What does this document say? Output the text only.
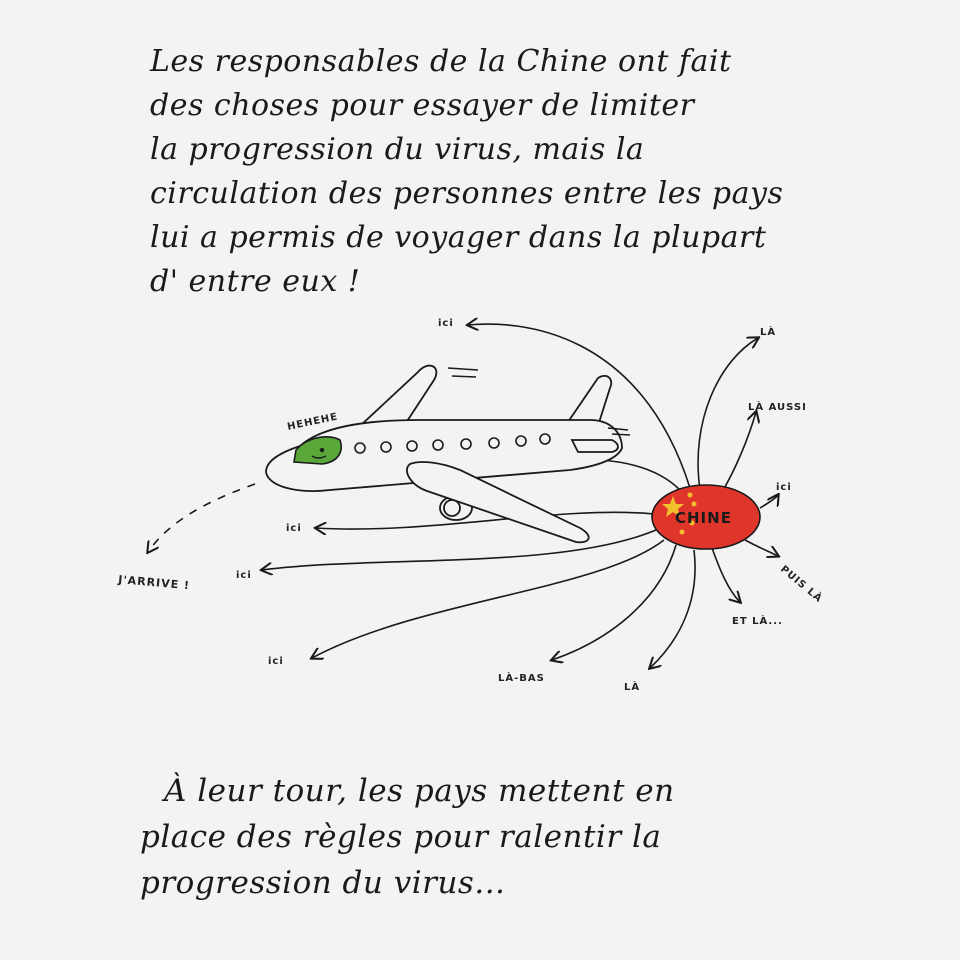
Les responsables de la Chine ont fait
des choses pour essayer de limiter
la progression du virus, mais la
circulation des personnes entre les pays
lui a permis de voyager dans la plupart
d' entre eux !
HEHEHE
CHINE
ici
LÀ
LÀ AUSSI
ici
PUIS LÀ
ET LÀ...
LÀ
LÀ-BAS
ici
ici
ici
J'ARRIVE !
À leur tour, les pays mettent en
place des règles pour ralentir la
progression du virus...
